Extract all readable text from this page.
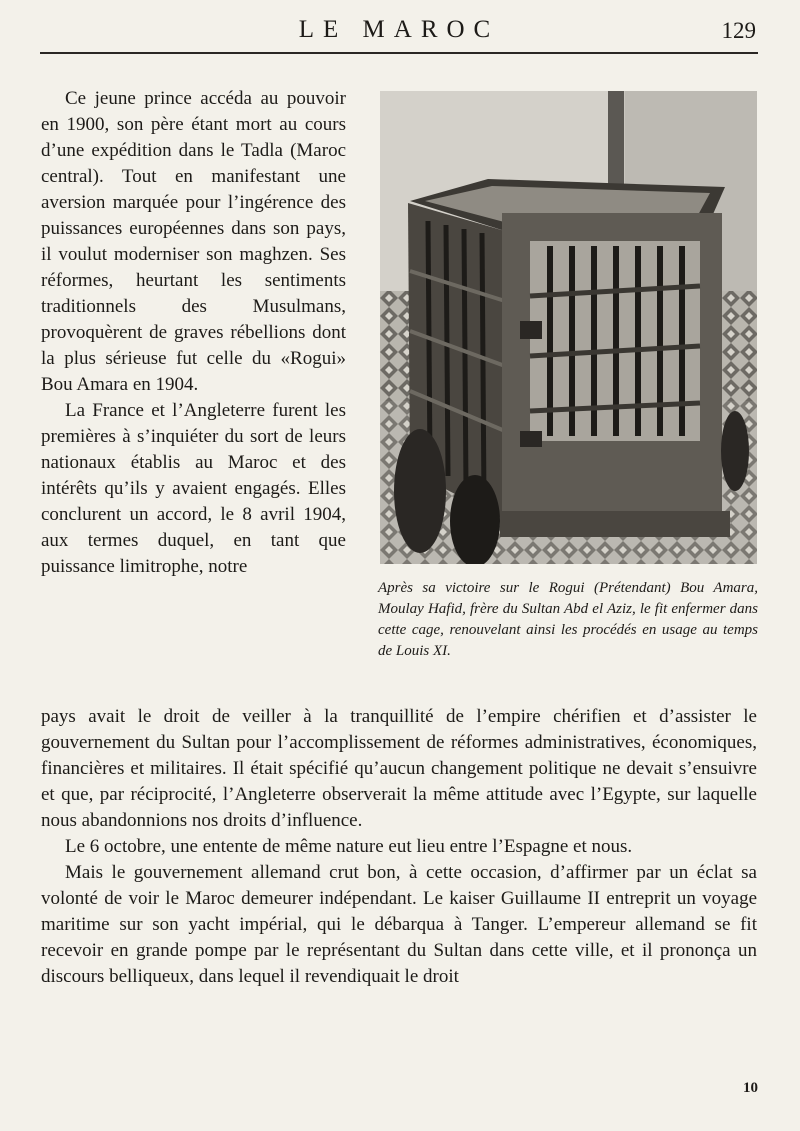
LE MAROC	129

Ce jeune prince accéda au pouvoir en 1900, son père étant mort au cours d’une expédition dans le Tadla (Maroc central). Tout en manifestant une aversion marquée pour l’ingérence des puissances européennes dans son pays, il voulut moderniser son maghzen. Ses réformes, heurtant les sentiments traditionnels des Musulmans, provoquèrent de graves rébellions dont la plus sérieuse fut celle du «Rogui» Bou Amara en 1904.

La France et l’Angleterre furent les premières à s’inquiéter du sort de leurs nationaux établis au Maroc et des intérêts qu’ils y avaient engagés. Elles conclurent un accord, le 8 avril 1904, aux termes duquel, en tant que puissance limitrophe, notre

Après sa victoire sur le Rogui (Prétendant) Bou Amara, Moulay Hafid, frère du Sultan Abd el Aziz, le fit enfermer dans cette cage, renouvelant ainsi les procédés en usage au temps de Louis XI.

pays avait le droit de veiller à la tranquillité de l’empire chérifien et d’assister le gouvernement du Sultan pour l’accomplissement de réformes administratives, économiques, financières et militaires. Il était spécifié qu’aucun changement politique ne devait s’ensuivre et que, par réciprocité, l’Angleterre observerait la même attitude avec l’Egypte, sur laquelle nous abandonnions nos droits d’influence.

Le 6 octobre, une entente de même nature eut lieu entre l’Espagne et nous.

Mais le gouvernement allemand crut bon, à cette occasion, d’affirmer par un éclat sa volonté de voir le Maroc demeurer indépendant. Le kaiser Guillaume II entreprit un voyage maritime sur son yacht impérial, qui le débarqua à Tanger. L’empereur allemand se fit recevoir en grande pompe par le représentant du Sultan dans cette ville, et il prononça un discours belliqueux, dans lequel il revendiquait le droit

10
